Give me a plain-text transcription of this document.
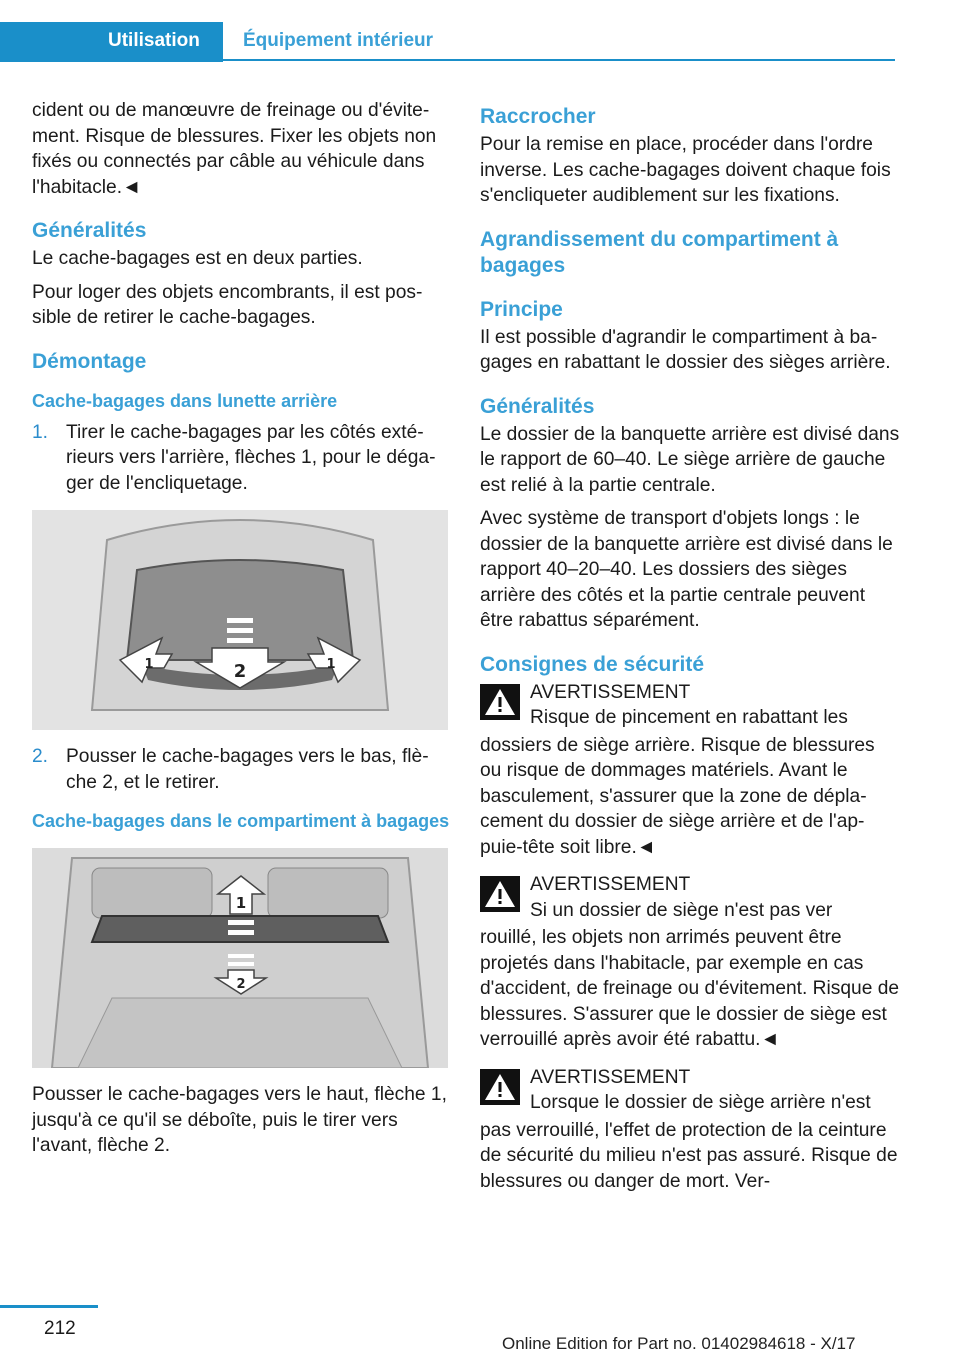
Utilisation Équipement intérieur

cident ou de manœuvre de freinage ou d'évitement. Risque de blessures. Fixer les objets non fixés ou connectés par câble au véhicule dans l'habitacle.◄

Généralités

Le cache-bagages est en deux parties.

Pour loger des objets encombrants, il est possible de retirer le cache-bagages.

Démontage
Cache-bagages dans lunette arrière
1. Tirer le cache-bagages par les côtés extérieurs vers l'arrière, flèches 1, pour le dégager de l'encliquetage.
2
1	1
2. Pousser le cache-bagages vers le bas, flèche 2, et le retirer.
Cache-bagages dans le compartiment à bagages
1
2

Pousser le cache-bagages vers le haut, flèche 1, jusqu'à ce qu'il se déboîte, puis le tirer vers l'avant, flèche 2.

Raccrocher

Pour la remise en place, procéder dans l'ordre inverse. Les cache-bagages doivent chaque fois s'encliqueter audiblement sur les fixations.

Agrandissement du compartiment à bagages
Principe

Il est possible d'agrandir le compartiment à bagages en rabattant le dossier des sièges arrière.

Généralités

Le dossier de la banquette arrière est divisé dans le rapport de 60–40. Le siège arrière de gauche est relié à la partie centrale.

Avec système de transport d'objets longs : le dossier de la banquette arrière est divisé dans le rapport 40–20–40. Les dossiers des sièges arrière des côtés et la partie centrale peuvent être rabattus séparément.

Consignes de sécurité
AVERTISSEMENT
Risque de pincement en rabattant les

dossiers de siège arrière. Risque de blessures ou risque de dommages matériels. Avant le basculement, s'assurer que la zone de déplacement du dossier de siège arrière et de l'appuie-tête soit libre.◄

AVERTISSEMENT
Si un dossier de siège n'est pas ver

rouillé, les objets non arrimés peuvent être projetés dans l'habitacle, par exemple en cas d'accident, de freinage ou d'évitement. Risque de blessures. S'assurer que le dossier de siège est verrouillé après avoir été rabattu.◄

AVERTISSEMENT
Lorsque le dossier de siège arrière n'est

pas verrouillé, l'effet de protection de la ceinture de sécurité du milieu n'est pas assuré. Risque de blessures ou danger de mort. Ver-

212
Online Edition for Part no. 01402984618 - X/17
